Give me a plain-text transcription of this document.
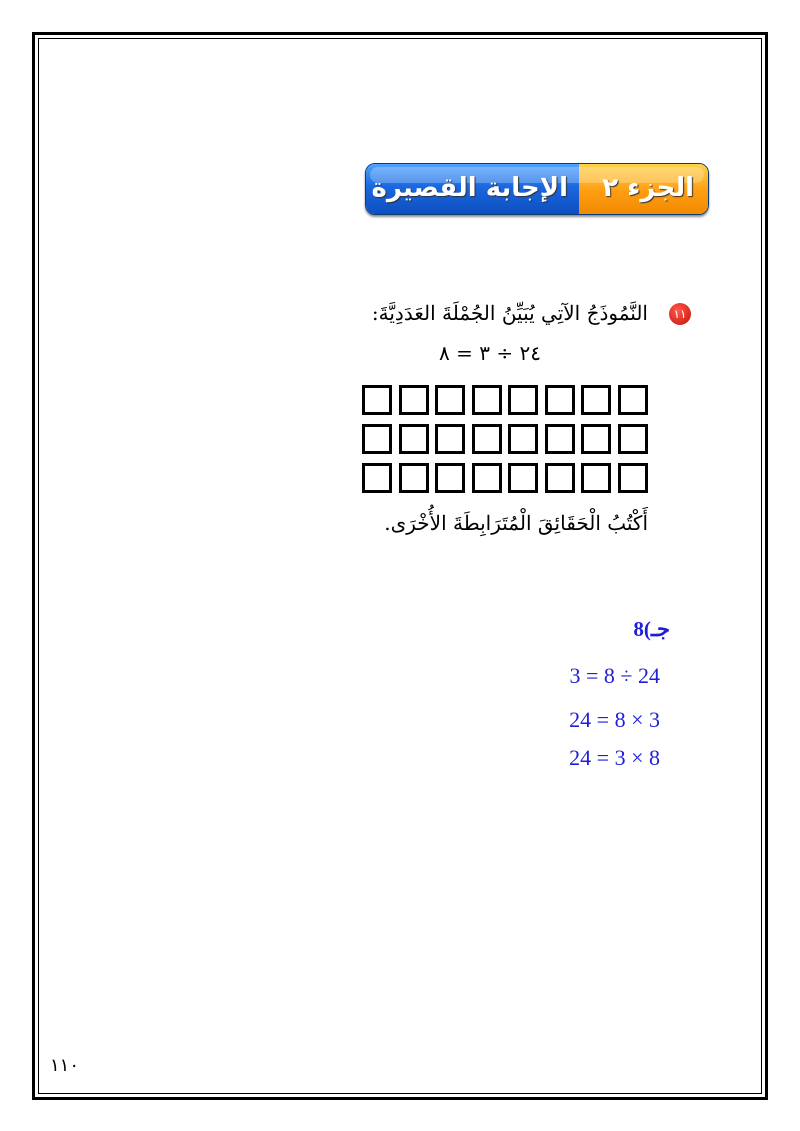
الجزء ٢
الإجابة القصيرة
١١
النَّمُوذَجُ الآتِي يُبَيِّنُ الجُمْلَةَ العَدَدِيَّةَ:
٢٤ ÷ ٣ = ٨
أَكْتُبُ الْحَقَائِقَ الْمُتَرَابِطَةَ الأُخْرَى.
جـ)8
3 = 8 ÷ 24
24 = 8 × 3
24 = 3 × 8
١١٠
